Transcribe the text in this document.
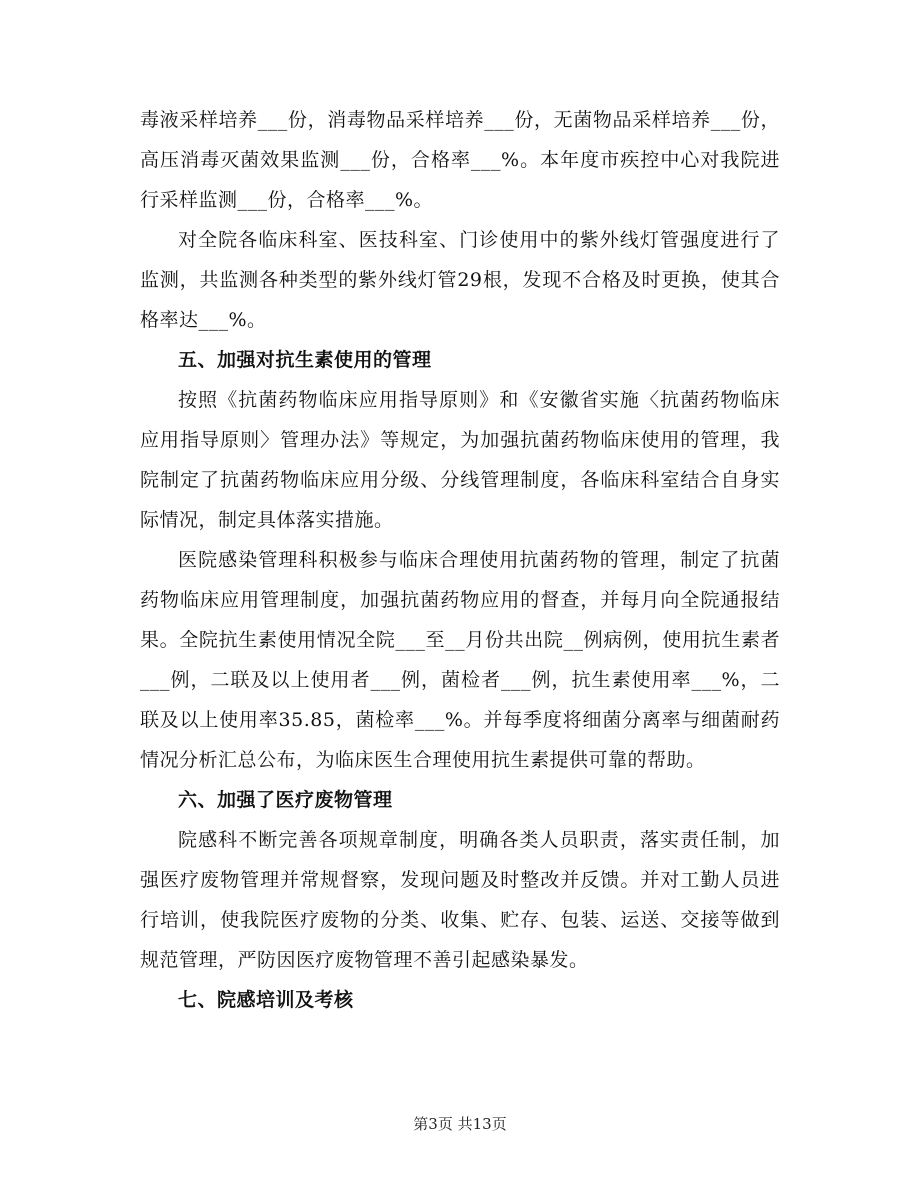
毒液采样培养___份，消毒物品采样培养___份，无菌物品采样培养___份，高压消毒灭菌效果监测___份，合格率___%。本年度市疾控中心对我院进行采样监测___份，合格率___%。

对全院各临床科室、医技科室、门诊使用中的紫外线灯管强度进行了监测，共监测各种类型的紫外线灯管29根，发现不合格及时更换，使其合格率达___%。

五、加强对抗生素使用的管理

按照《抗菌药物临床应用指导原则》和《安徽省实施〈抗菌药物临床应用指导原则〉管理办法》等规定，为加强抗菌药物临床使用的管理，我院制定了抗菌药物临床应用分级、分线管理制度，各临床科室结合自身实际情况，制定具体落实措施。

医院感染管理科积极参与临床合理使用抗菌药物的管理，制定了抗菌药物临床应用管理制度，加强抗菌药物应用的督查，并每月向全院通报结果。全院抗生素使用情况全院___至__月份共出院__例病例，使用抗生素者___例，二联及以上使用者___例，菌检者___例，抗生素使用率___%，二联及以上使用率35.85，菌检率___%。并每季度将细菌分离率与细菌耐药情况分析汇总公布，为临床医生合理使用抗生素提供可靠的帮助。

六、加强了医疗废物管理

院感科不断完善各项规章制度，明确各类人员职责，落实责任制，加强医疗废物管理并常规督察，发现问题及时整改并反馈。并对工勤人员进行培训，使我院医疗废物的分类、收集、贮存、包装、运送、交接等做到规范管理，严防因医疗废物管理不善引起感染暴发。

七、院感培训及考核
第3页 共13页
